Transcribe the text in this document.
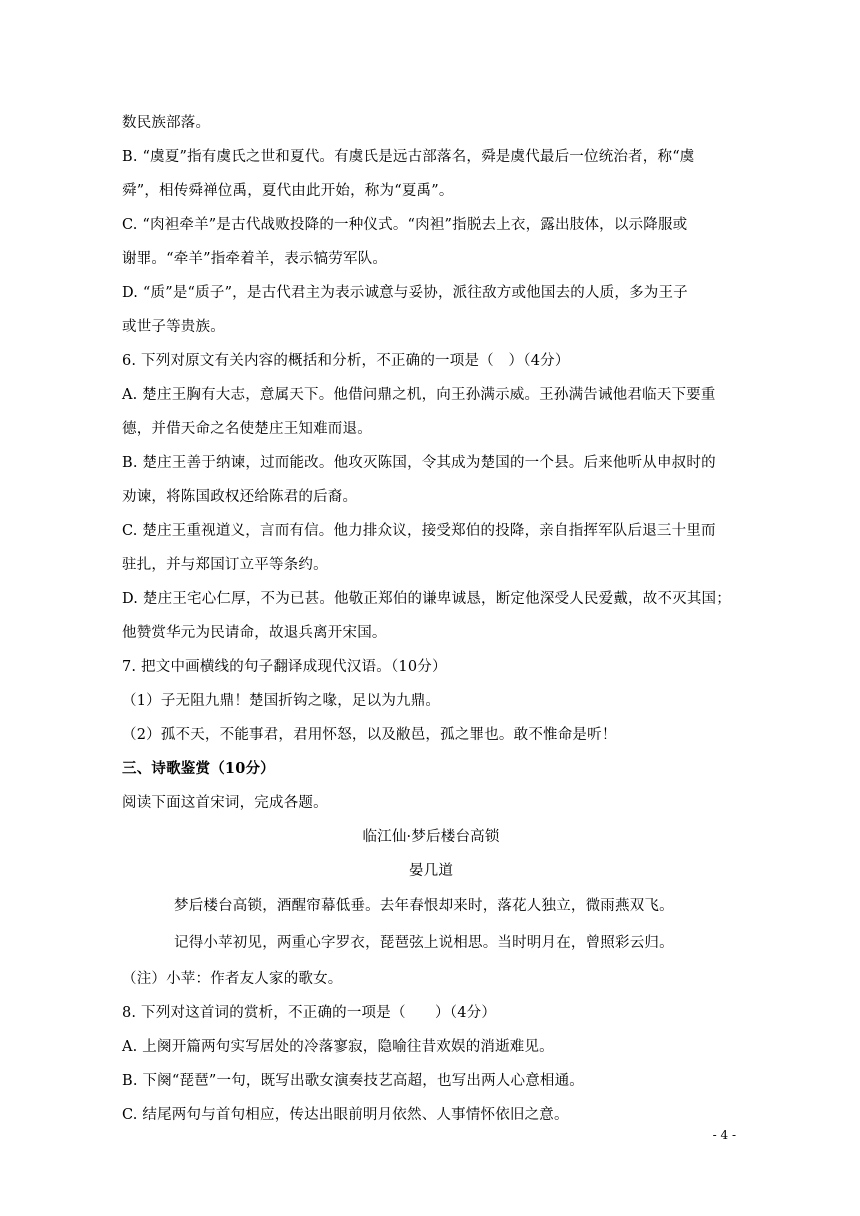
数民族部落。
B. “虞夏”指有虞氏之世和夏代。有虞氏是远古部落名，舜是虞代最后一位统治者，称“虞
舜”，相传舜禅位禹，夏代由此开始，称为“夏禹”。
C. “肉袒牵羊”是古代战败投降的一种仪式。“肉袒”指脱去上衣，露出肢体，以示降服或
谢罪。“牵羊”指牵着羊，表示犒劳军队。
D. “质”是“质子”，是古代君主为表示诚意与妥协，派往敌方或他国去的人质，多为王子
或世子等贵族。
6. 下列对原文有关内容的概括和分析，不正确的一项是（　）（4分）
A. 楚庄王胸有大志，意属天下。他借问鼎之机，向王孙满示威。王孙满告诫他君临天下要重
德，并借天命之名使楚庄王知难而退。
B. 楚庄王善于纳谏，过而能改。他攻灭陈国，令其成为楚国的一个县。后来他听从申叔时的
劝谏，将陈国政权还给陈君的后裔。
C. 楚庄王重视道义，言而有信。他力排众议，接受郑伯的投降，亲自指挥军队后退三十里而
驻扎，并与郑国订立平等条约。
D. 楚庄王宅心仁厚，不为已甚。他敬正郑伯的谦卑诚恳，断定他深受人民爱戴，故不灭其国；
他赞赏华元为民请命，故退兵离开宋国。
7. 把文中画横线的句子翻译成现代汉语。（10分）
（1）子无阻九鼎！楚国折钩之喙，足以为九鼎。
（2）孤不天，不能事君，君用怀怒，以及敝邑，孤之罪也。敢不惟命是听！
三、诗歌鉴赏（10分）
阅读下面这首宋词，完成各题。
临江仙·梦后楼台高锁
晏几道
梦后楼台高锁，酒醒帘幕低垂。去年春恨却来时，落花人独立，微雨燕双飞。
记得小苹初见，两重心字罗衣，琵琶弦上说相思。当时明月在，曾照彩云归。
（注）小苹：作者友人家的歌女。
8. 下列对这首词的赏析，不正确的一项是（　　）（4分）
A. 上阕开篇两句实写居处的冷落寥寂，隐喻往昔欢娱的消逝难见。
B. 下阕“琵琶”一句，既写出歌女演奏技艺高超，也写出两人心意相通。
C. 结尾两句与首句相应，传达出眼前明月依然、人事情怀依旧之意。
- 4 -
